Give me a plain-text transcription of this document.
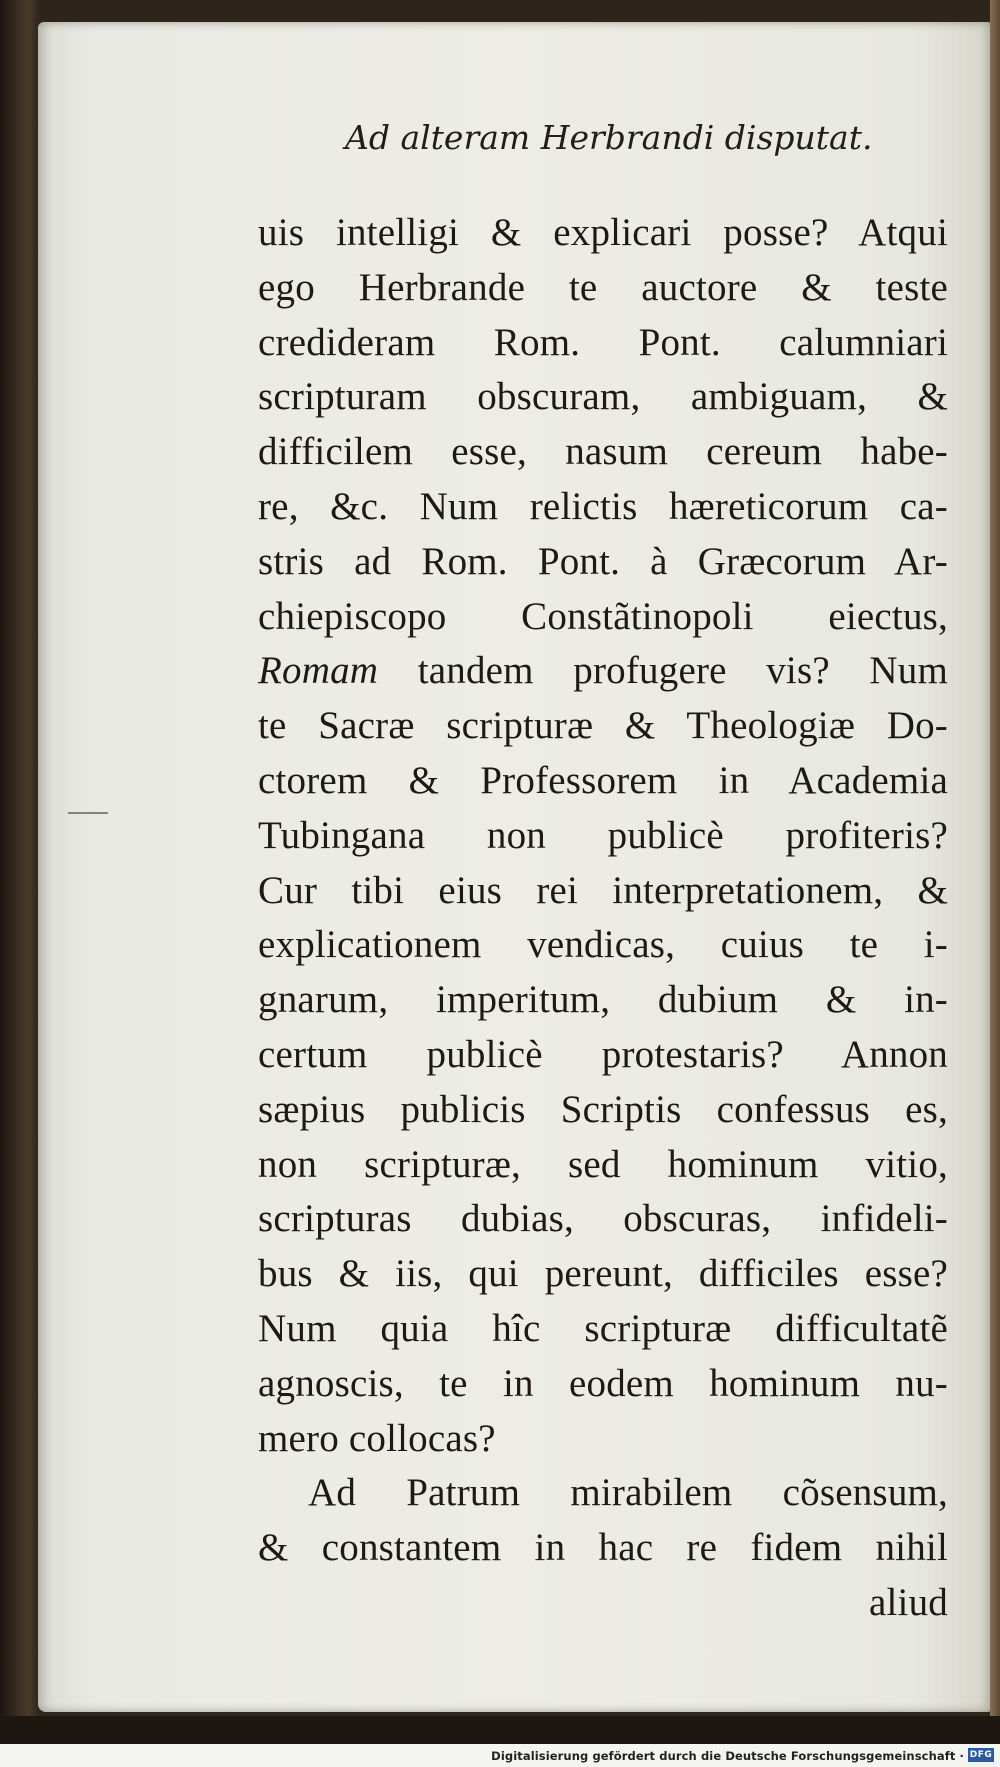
Ad alteram Herbrandi disputat.
uis intelligi & explicari posse? Atqui
ego Herbrande te auctore & teste
credideram Rom. Pont. calumniari
scripturam obscuram, ambiguam, &
difficilem esse, nasum cereum habe-
re, &c. Num relictis hæreticorum ca-
stris ad Rom. Pont. à Græcorum Ar-
chiepiscopo Constãtinopoli eiectus,
Romam tandem profugere vis? Num
te Sacræ scripturæ & Theologiæ Do-
ctorem & Professorem in Academia
Tubingana non publicè profiteris?
Cur tibi eius rei interpretationem, &
explicationem vendicas, cuius te i-
gnarum, imperitum, dubium & in-
certum publicè protestaris? Annon
sæpius publicis Scriptis confessus es,
non scripturæ, sed hominum vitio,
scripturas dubias, obscuras, infideli-
bus & iis, qui pereunt, difficiles esse?
Num quia hîc scripturæ difficultatẽ
agnoscis, te in eodem hominum nu-
mero collocas?
Ad Patrum mirabilem cõsensum,
& constantem in hac re fidem nihil
aliud
Digitalisierung gefördert durch die Deutsche Forschungsgemeinschaft · DFG
